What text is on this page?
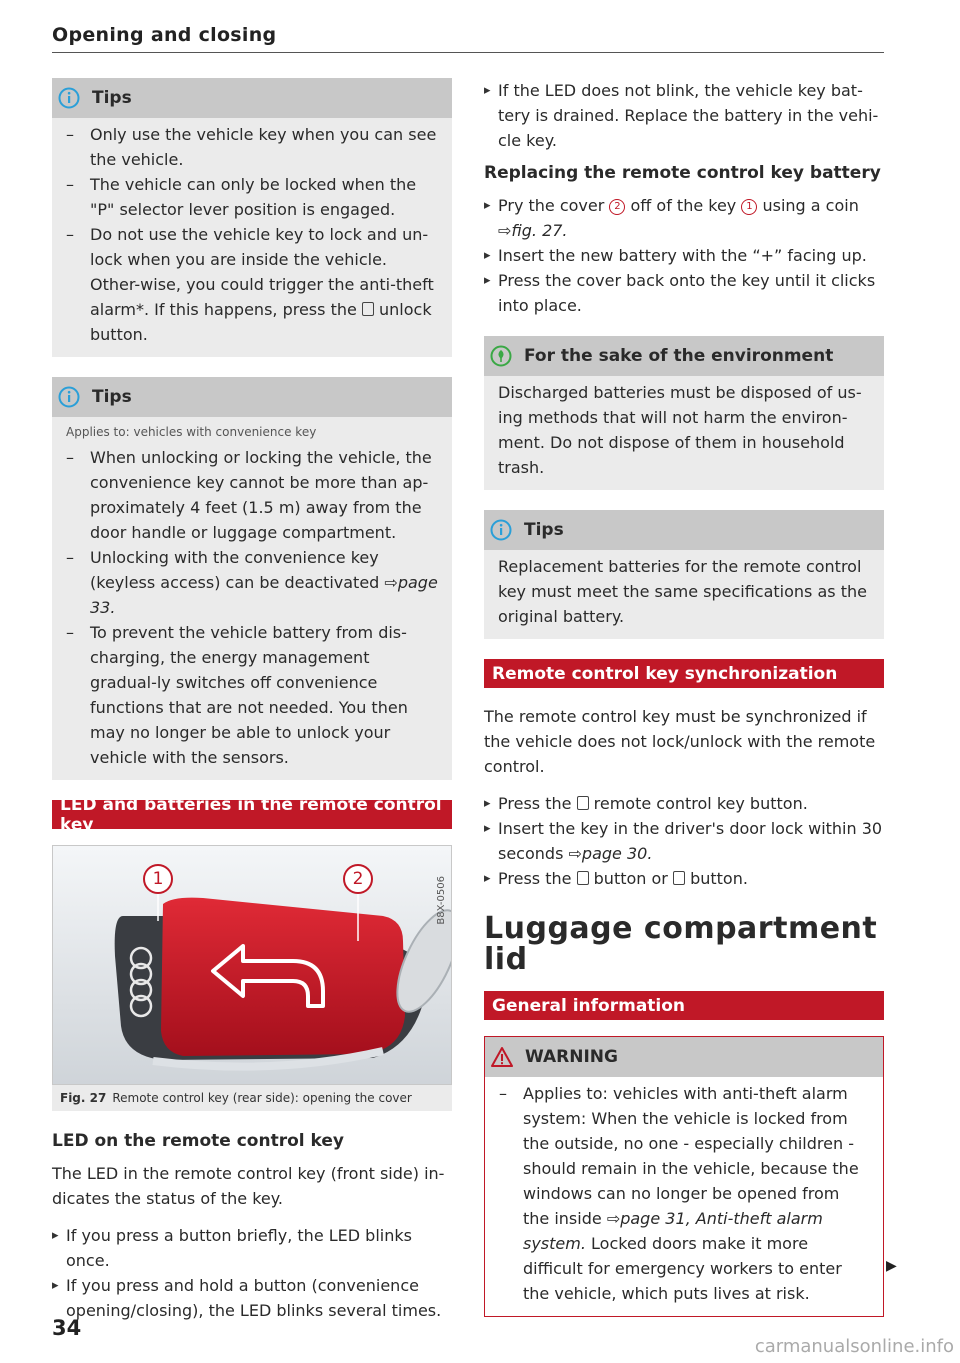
Opening and closing
Tips
– Only use the vehicle key when you can see the vehicle.
– The vehicle can only be locked when the "P" selector lever position is engaged.
– Do not use the vehicle key to lock and un-lock when you are inside the vehicle. Other-wise, you could trigger the anti-theft alarm*. If this happens, press the unlock button.
Tips
Applies to: vehicles with convenience key
– When unlocking or locking the vehicle, the convenience key cannot be more than ap-proximately 4 feet (1.5 m) away from the door handle or luggage compartment.
– Unlocking with the convenience key (keyless access) can be deactivated ⇨page 33.
– To prevent the vehicle battery from dis-charging, the energy management gradual-ly switches off convenience functions that are not needed. You then may no longer be able to unlock your vehicle with the sensors.
LED and batteries in the remote control key
1	2	B8X-0506
Fig. 27 Remote control key (rear side): opening the cover
LED on the remote control key

The LED in the remote control key (front side) in-dicates the status of the key.

▸ If you press a button briefly, the LED blinks once.
▸ If you press and hold a button (convenience opening/closing), the LED blinks several times.
▸ If the LED does not blink, the vehicle key bat-tery is drained. Replace the battery in the vehi-cle key.
Replacing the remote control key battery
▸ Pry the cover 2 off of the key 1 using a coin ⇨fig. 27.
▸ Insert the new battery with the “+” facing up.
▸ Press the cover back onto the key until it clicks into place.
For the sake of the environment

Discharged batteries must be disposed of us-ing methods that will not harm the environ-ment. Do not dispose of them in household trash.

Tips

Replacement batteries for the remote control key must meet the same specifications as the original battery.

Remote control key synchronization

The remote control key must be synchronized if the vehicle does not lock/unlock with the remote control.

▸ Press the remote control key button.
▸ Insert the key in the driver's door lock within 30 seconds ⇨page 30.
▸ Press the button or button.
Luggage compartment lid
General information
WARNING
– Applies to: vehicles with anti-theft alarm system: When the vehicle is locked from the outside, no one - especially children - should remain in the vehicle, because the windows can no longer be opened from the inside ⇨page 31, Anti-theft alarm system. Locked doors make it more difficult for emergency workers to enter the vehicle, which puts lives at risk.
▶
34
carmanualsonline.info
